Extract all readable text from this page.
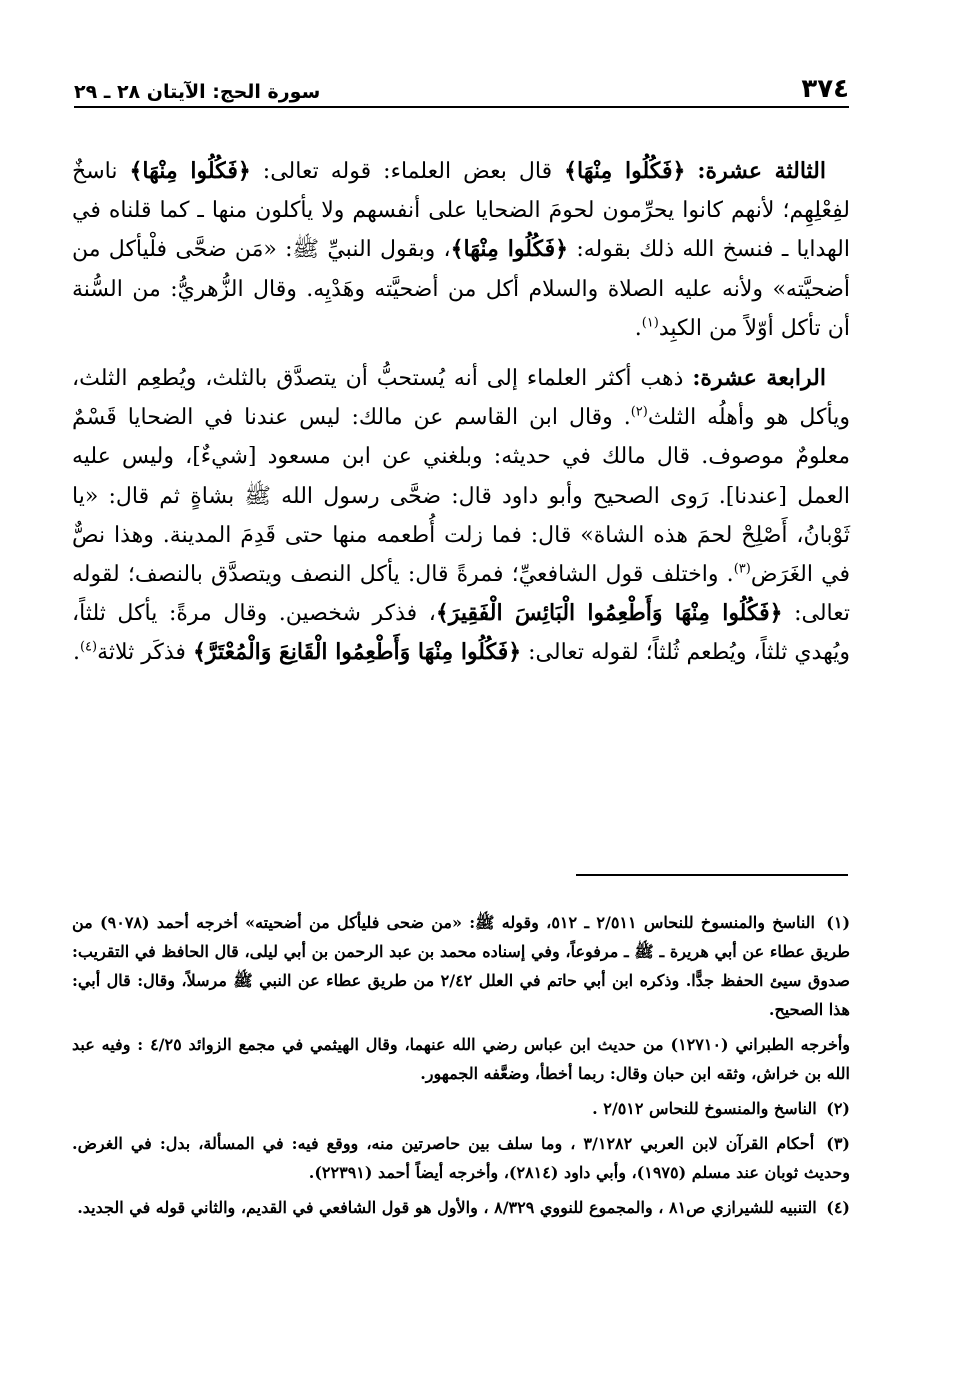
٣٧٤
سورة الحج: الآيتان ٢٨ ـ ٢٩

الثالثة عشرة: ﴿فَكُلُوا مِنْهَا﴾ قال بعض العلماء: قوله تعالى: ﴿فَكُلُوا مِنْهَا﴾ ناسخٌ لفِعْلِهِم؛ لأنهم كانوا يحرِّمون لحومَ الضحايا على أنفسهم ولا يأكلون منها ـ كما قلناه في الهدايا ـ فنسخ الله ذلك بقوله: ﴿فَكُلُوا مِنْهَا﴾، وبقول النبيِّ ﷺ: «مَن ضحَّى فلْيأكل من أضحيَّته» ولأنه عليه الصلاة والسلام أكل من أضحيَّته وهَدْيِه. وقال الزُّهريُّ: من السُّنة أن تأكل أوّلاً من الكبِد$^{(١)}$.

الرابعة عشرة: ذهب أكثر العلماء إلى أنه يُستحبُّ أن يتصدَّق بالثلث، ويُطعِم الثلث، ويأكل هو وأهلُه الثلث$^{(٢)}$. وقال ابن القاسم عن مالك: ليس عندنا في الضحايا قَسْمٌ معلومٌ موصوف. قال مالك في حديثه: وبلغني عن ابن مسعود [شيءٌ]، وليس عليه العمل [عندنا]. رَوى الصحيح وأبو داود قال: ضحَّى رسول الله ﷺ بشاةٍ ثم قال: «يا ثَوْبانُ، أَصْلِحْ لحمَ هذه الشاة» قال: فما زلت أُطعمه منها حتى قَدِمَ المدينة. وهذا نصٌّ في الغَرَض$^{(٣)}$. واختلف قول الشافعيِّ؛ فمرةً قال: يأكل النصف ويتصدَّق بالنصف؛ لقوله تعالى: ﴿فَكُلُوا مِنْهَا وَأَطْعِمُوا الْبَائِسَ الْفَقِيرَ﴾، فذكر شخصين. وقال مرةً: يأكل ثلثاً، ويُهدي ثلثاً، ويُطعم ثُلثاً؛ لقوله تعالى: ﴿فَكُلُوا مِنْهَا وَأَطْعِمُوا الْقَانِعَ وَالْمُعْتَرَّ﴾ فذكَر ثلاثة$^{(٤)}$.

(١) الناسخ والمنسوخ للنحاس ٢/٥١١ ـ ٥١٢، وقوله ﷺ: «من ضحى فليأكل من أضحيته» أخرجه أحمد (٩٠٧٨) من طريق عطاء عن أبي هريرة ـ ﷺ ـ مرفوعاً، وفي إسناده محمد بن عبد الرحمن بن أبي ليلى، قال الحافظ في التقريب: صدوق سيئ الحفظ جدًّا. وذكره ابن أبي حاتم في العلل ٢/٤٢ من طريق عطاء عن النبي ﷺ مرسلاً، وقال: قال أبي: هذا الصحيح.

وأخرجه الطبراني (١٢٧١٠) من حديث ابن عباس رضي الله عنهما، وقال الهيثمي في مجمع الزوائد ٤/٢٥ : وفيه عبد الله بن خراش، وثقه ابن حبان وقال: ربما أخطأ، وضعَّفه الجمهور.

(٢) الناسخ والمنسوخ للنحاس ٢/٥١٢ .

(٣) أحكام القرآن لابن العربي ٣/١٢٨٢ ، وما سلف بين حاصرتين منه، ووقع فيه: في المسألة، بدل: في الغرض. وحديث ثوبان عند مسلم (١٩٧٥)، وأبي داود (٢٨١٤)، وأخرجه أيضاً أحمد (٢٢٣٩١).

(٤) التنبيه للشيرازي ص٨١ ، والمجموع للنووي ٨/٣٢٩ ، والأول هو قول الشافعي في القديم، والثاني قوله في الجديد.
